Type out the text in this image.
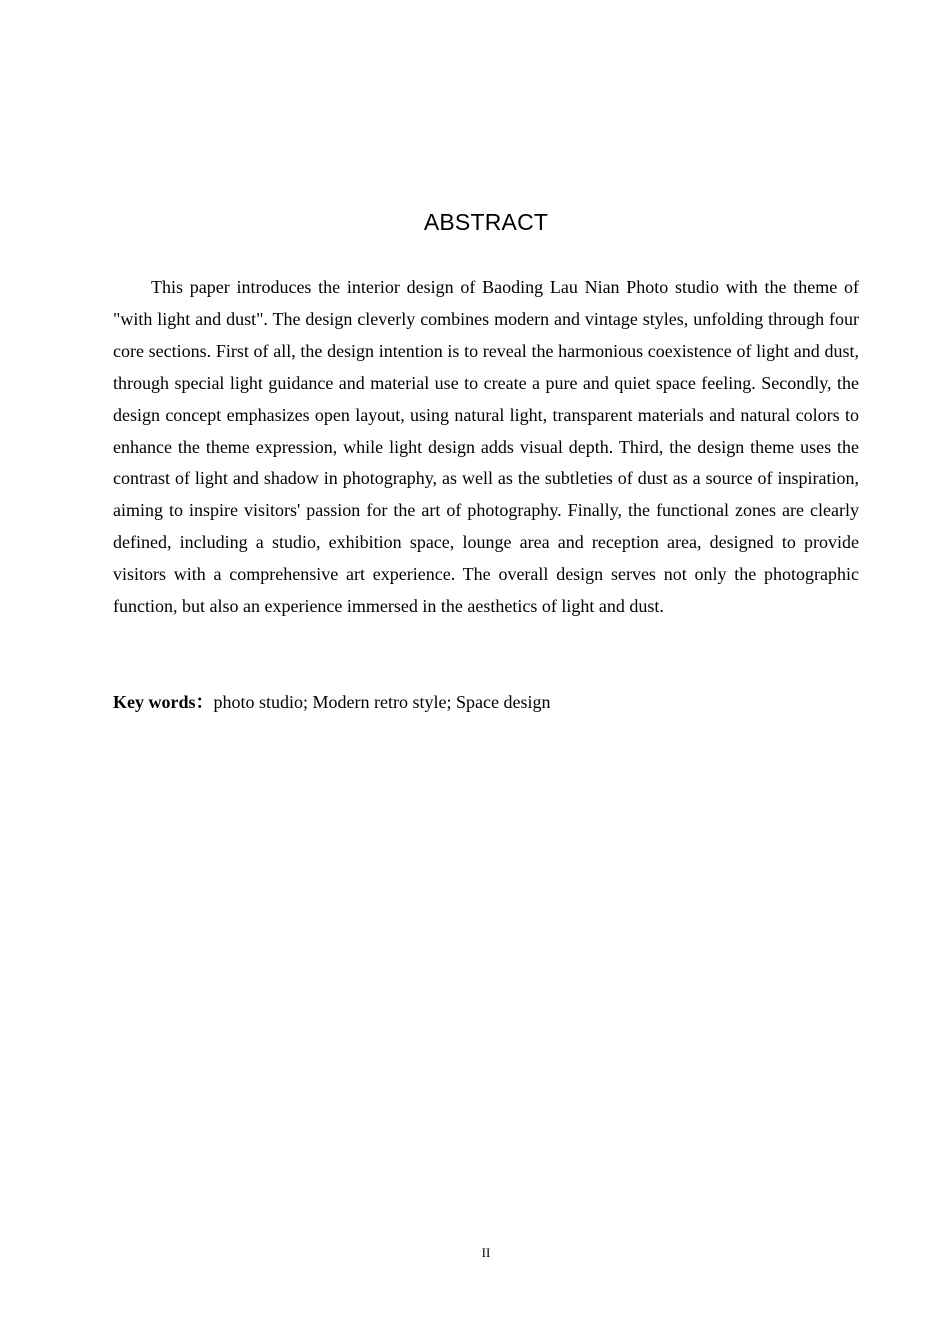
ABSTRACT

This paper introduces the interior design of Baoding Lau Nian Photo studio with the theme of "with light and dust". The design cleverly combines modern and vintage styles, unfolding through four core sections. First of all, the design intention is to reveal the harmonious coexistence of light and dust, through special light guidance and material use to create a pure and quiet space feeling. Secondly, the design concept emphasizes open layout, using natural light, transparent materials and natural colors to enhance the theme expression, while light design adds visual depth. Third, the design theme uses the contrast of light and shadow in photography, as well as the subtleties of dust as a source of inspiration, aiming to inspire visitors' passion for the art of photography. Finally, the functional zones are clearly defined, including a studio, exhibition space, lounge area and reception area, designed to provide visitors with a comprehensive art experience. The overall design serves not only the photographic function, but also an experience immersed in the aesthetics of light and dust.

Key words：photo studio; Modern retro style; Space design

II
